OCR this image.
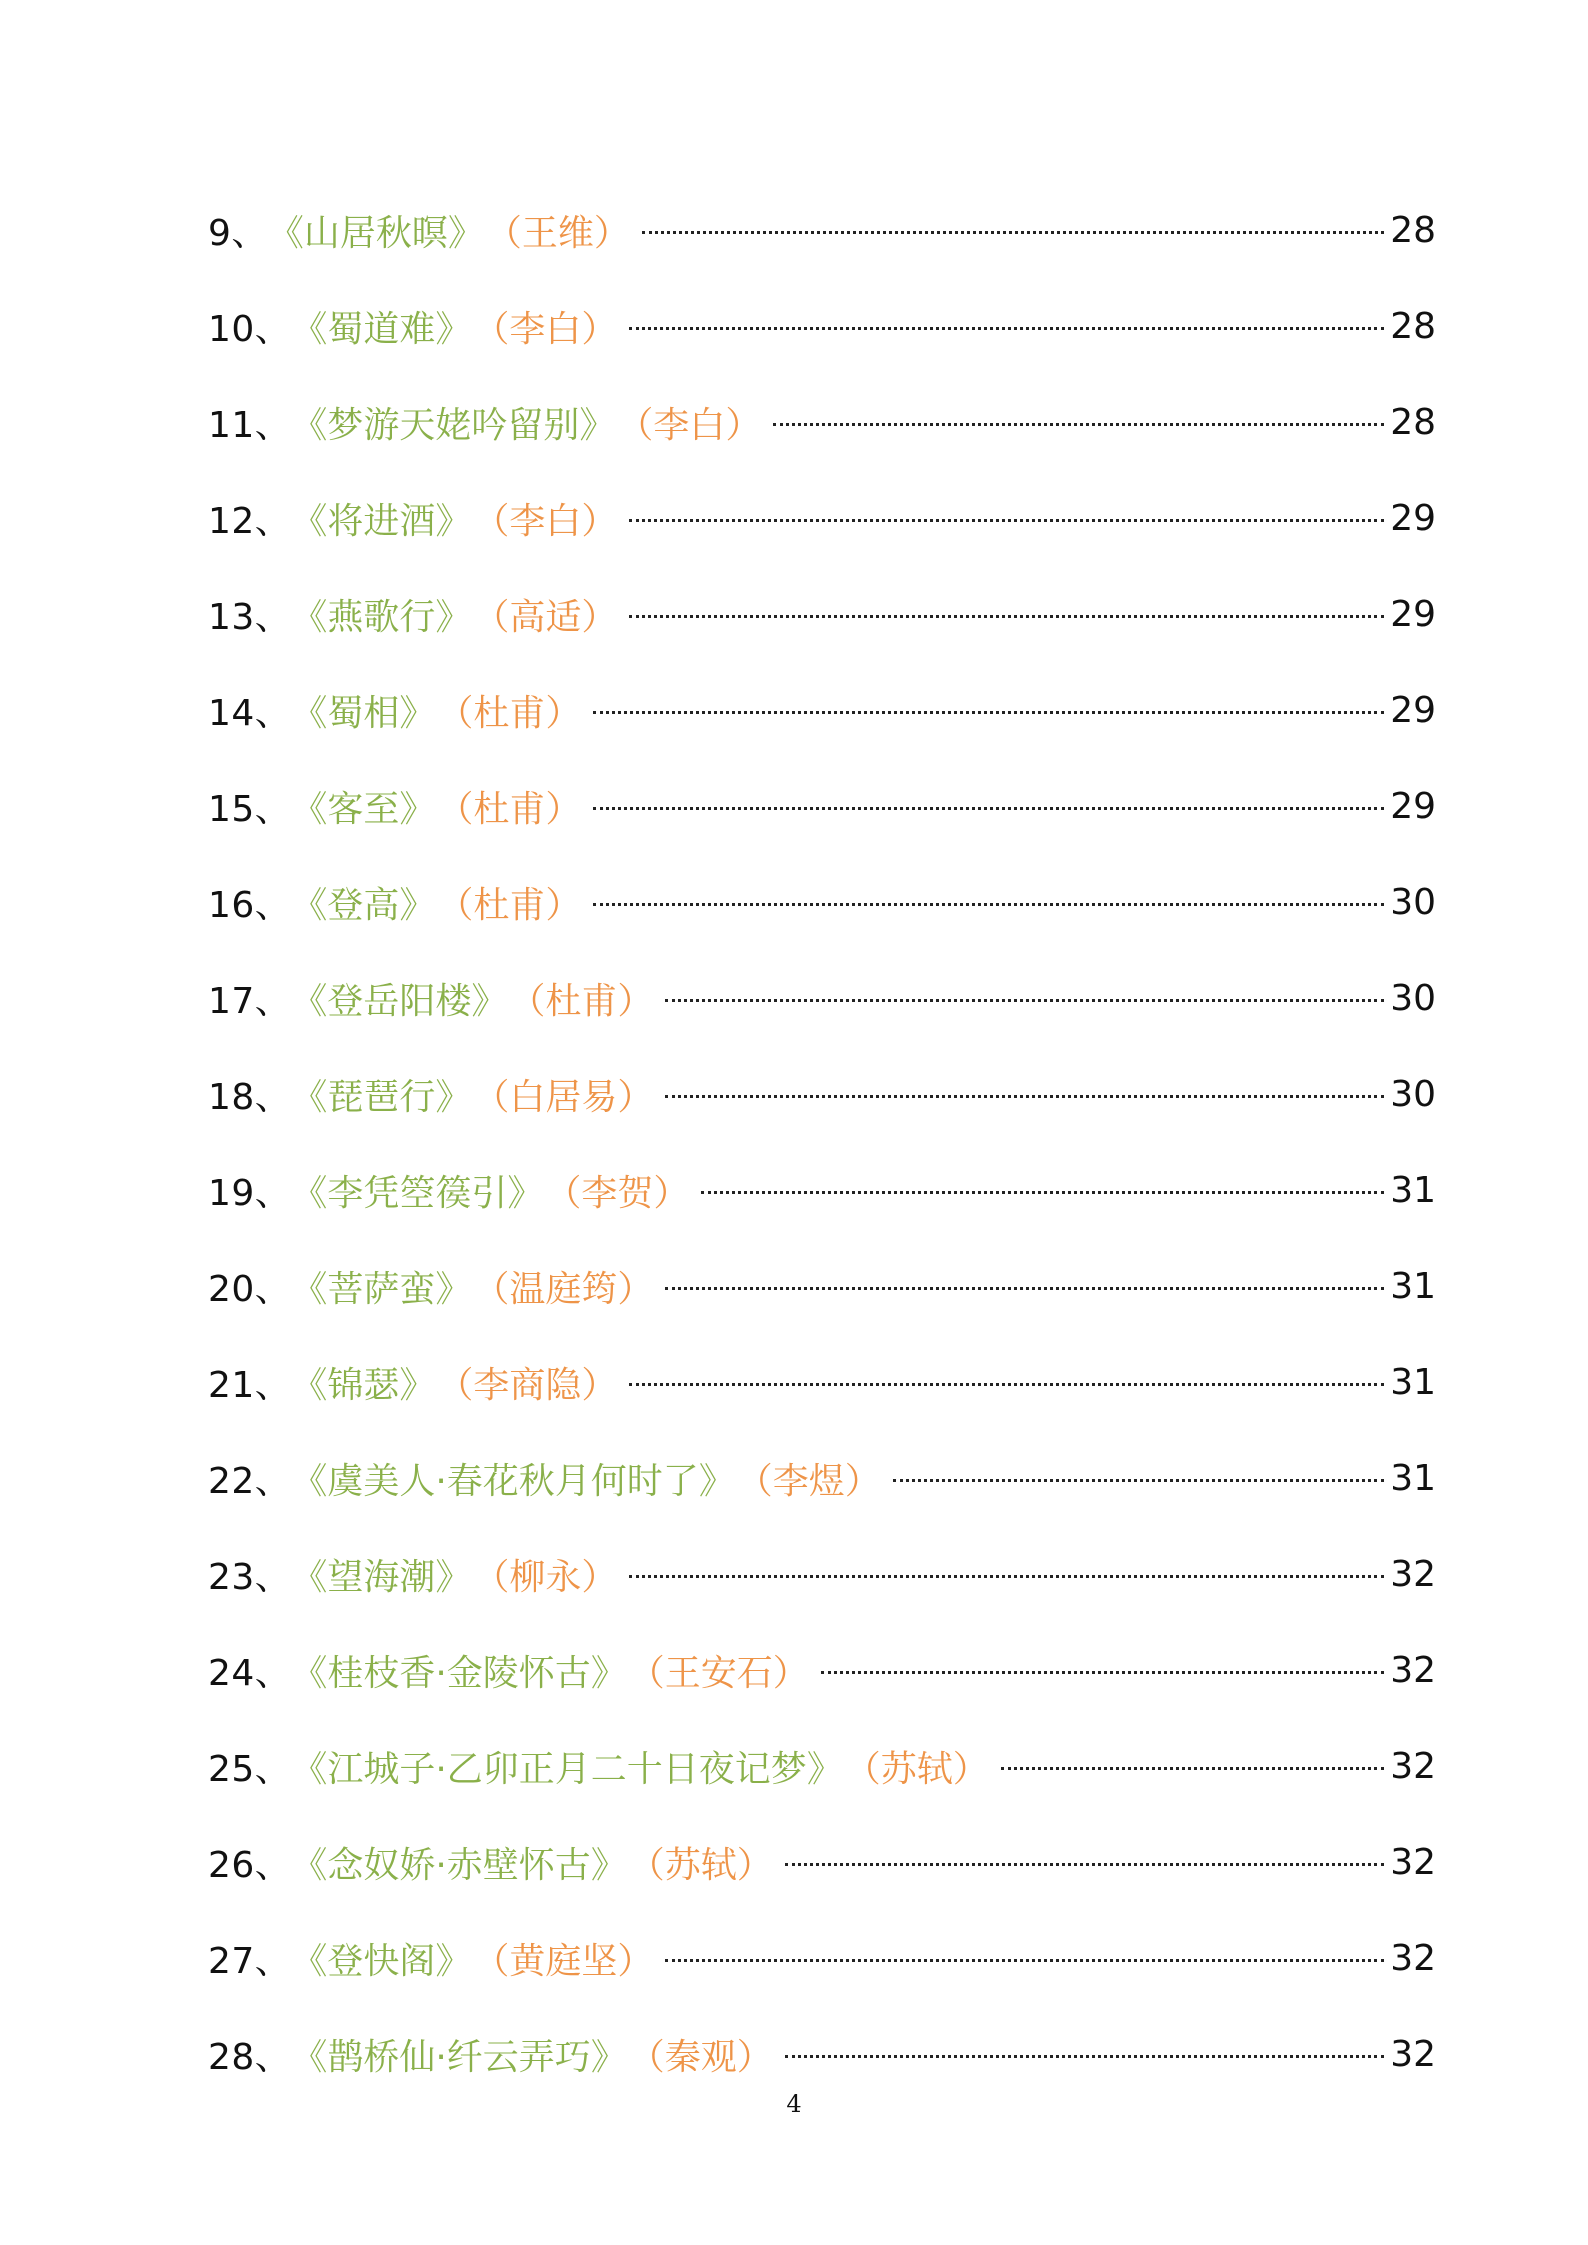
9、 《山居秋暝》 （王维）	28
10、 《蜀道难》 （李白）	28
11、 《梦游天姥吟留别》 （李白）	28
12、 《将进酒》 （李白）	29
13、 《燕歌行》 （高适）	29
14、 《蜀相》 （杜甫）	29
15、 《客至》 （杜甫）	29
16、 《登高》 （杜甫）	30
17、 《登岳阳楼》 （杜甫）	30
18、 《琵琶行》 （白居易）	30
19、 《李凭箜篌引》 （李贺）	31
20、 《菩萨蛮》 （温庭筠）	31
21、 《锦瑟》 （李商隐）	31
22、 《虞美人·春花秋月何时了》 （李煜）	31
23、 《望海潮》 （柳永）	32
24、 《桂枝香·金陵怀古》 （王安石）	32
25、 《江城子·乙卯正月二十日夜记梦》 （苏轼）	32
26、 《念奴娇·赤壁怀古》 （苏轼）	32
27、 《登快阁》 （黄庭坚）	32
28、 《鹊桥仙·纤云弄巧》 （秦观）	32
4
